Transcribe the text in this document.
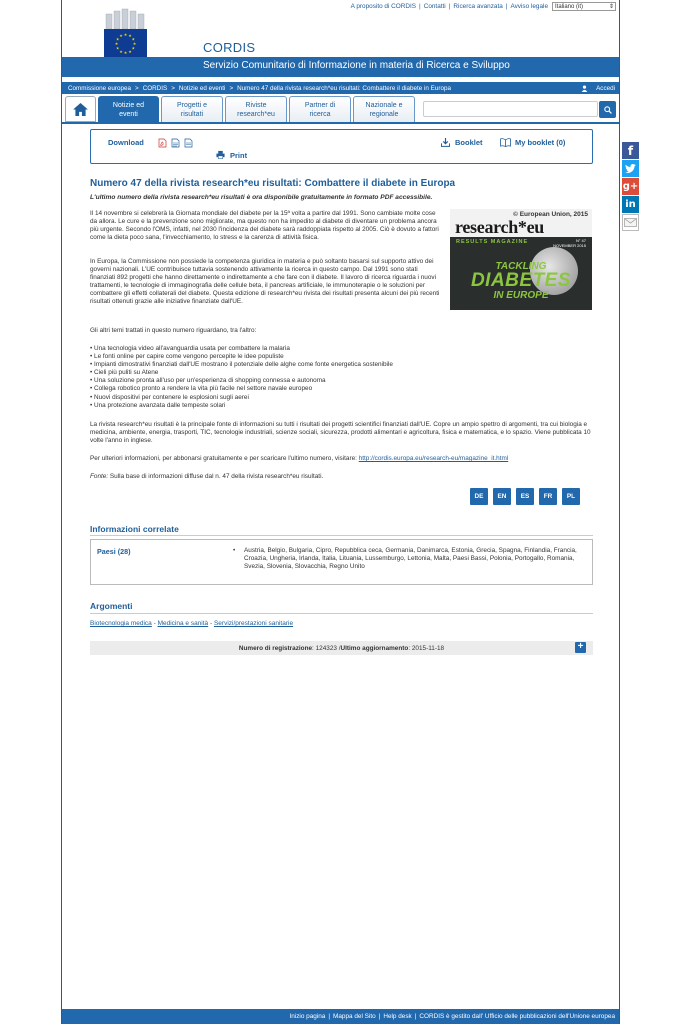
A proposito di CORDIS | Contatti | Ricerca avanzata | Avviso legale Italiano (it)	⇕
★ ★
★
★
★
★
★
★
★
★
★
★
CORDIS
Servizio Comunitario di Informazione in materia di Ricerca e Sviluppo
Commissione europea > CORDIS > Notizie ed eventi > Numero 47 della rivista research*eu risultati: Combattere il diabete in Europa	Accedi
Notizie ed
eventi
Progetti e
risultati
Riviste
research*eu
Partner di
ricerca
Nazionale e
regionale
Download
Print
Booklet	My booklet (0)
Numero 47 della rivista research*eu risultati: Combattere il diabete in Europa
L'ultimo numero della rivista research*eu risultati è ora disponibile gratuitamente in formato PDF accessibile.

Il 14 novembre si celebrerà la Giornata mondiale del diabete per la 15ª volta a partire dal 1991. Sono cambiate molte cose da allora. Le cure e la prevenzione sono migliorate, ma questo non ha impedito al diabete di diventare un problema ancora più urgente. Secondo l'OMS, infatti, nel 2030 l'incidenza del diabete sarà raddoppiata rispetto al 2005. Ciò è dovuto a fattori come la dieta poco sana, l'invecchiamento, lo stress e la carenza di attività fisica.

© European Union, 2015
research*eu
RESULTS MAGAZINE	N° 47
NOVEMBER 2015
TACKLING
DIABETES
IN EUROPE

In Europa, la Commissione non possiede la competenza giuridica in materia e può soltanto basarsi sul supporto attivo dei governi nazionali. L'UE contribuisce tuttavia sostenendo attivamente la ricerca in questo campo. Dal 1991 sono stati finanziati 892 progetti che hanno direttamente o indirettamente a che fare con il diabete. Il lavoro di ricerca riguarda i nuovi trattamenti, le tecnologie di immaginografia delle cellule beta, il pancreas artificiale, le immunoterapie o le soluzioni per combattere gli effetti collaterali del diabete. Questa edizione di research*eu rivista dei risultati presenta alcuni dei più recenti risultati ottenuti grazie alle iniziative finanziate dall'UE.

Gli altri temi trattati in questo numero riguardano, tra l'altro:

• Una tecnologia video all'avanguardia usata per combattere la malaria
• Le fonti online per capire come vengono percepite le idee populiste
• Impianti dimostrativi finanziati dall'UE mostrano il potenziale delle alghe come fonte energetica sostenibile
• Cieli più puliti su Atene
• Una soluzione pronta all'uso per un'esperienza di shopping connessa e autonoma
• Collega robotico pronto a rendere la vita più facile nel settore navale europeo
• Nuovi dispositivi per contenere le esplosioni sugli aerei
• Una protezione avanzata dalle tempeste solari

La rivista research*eu risultati è la principale fonte di informazioni su tutti i risultati dei progetti scientifici finanziati dall'UE. Copre un ampio spettro di argomenti, tra cui biologia e medicina, ambiente, energia, trasporti, TIC, tecnologie industriali, scienze sociali, sicurezza, prodotti alimentari e agricoltura, fisica e matematica, e lo spazio. Viene pubblicata 10 volte l'anno in inglese.

Per ulteriori informazioni, per abbonarsi gratuitamente e per scaricare l'ultimo numero, visitare: http://cordis.europa.eu/research-eu/magazine_it.html

Fonte: Sulla base di informazioni diffuse dal n. 47 della rivista research*eu risultati.

DE	EN	ES	FR	PL
Informazioni correlate
Paesi (28)	• Austria, Belgio, Bulgaria, Cipro, Repubblica ceca, Germania, Danimarca, Estonia, Grecia, Spagna, Finlandia, Francia, Croazia, Ungheria, Irlanda, Italia, Lituania, Lussemburgo, Lettonia, Malta, Paesi Bassi, Polonia, Portogallo, Romania, Svezia, Slovenia, Slovacchia, Regno Unito
Argomenti
Biotecnologia medica - Medicina e sanità - Servizi/prestazioni sanitarie
Numero di registrazione : 124323 / Ultimo aggiornamento : 2015-11-18	+
Inizio pagina | Mappa del Sito | Help desk | CORDIS è gestito dall' Ufficio delle pubblicazioni dell'Unione europea
f
g+
in
